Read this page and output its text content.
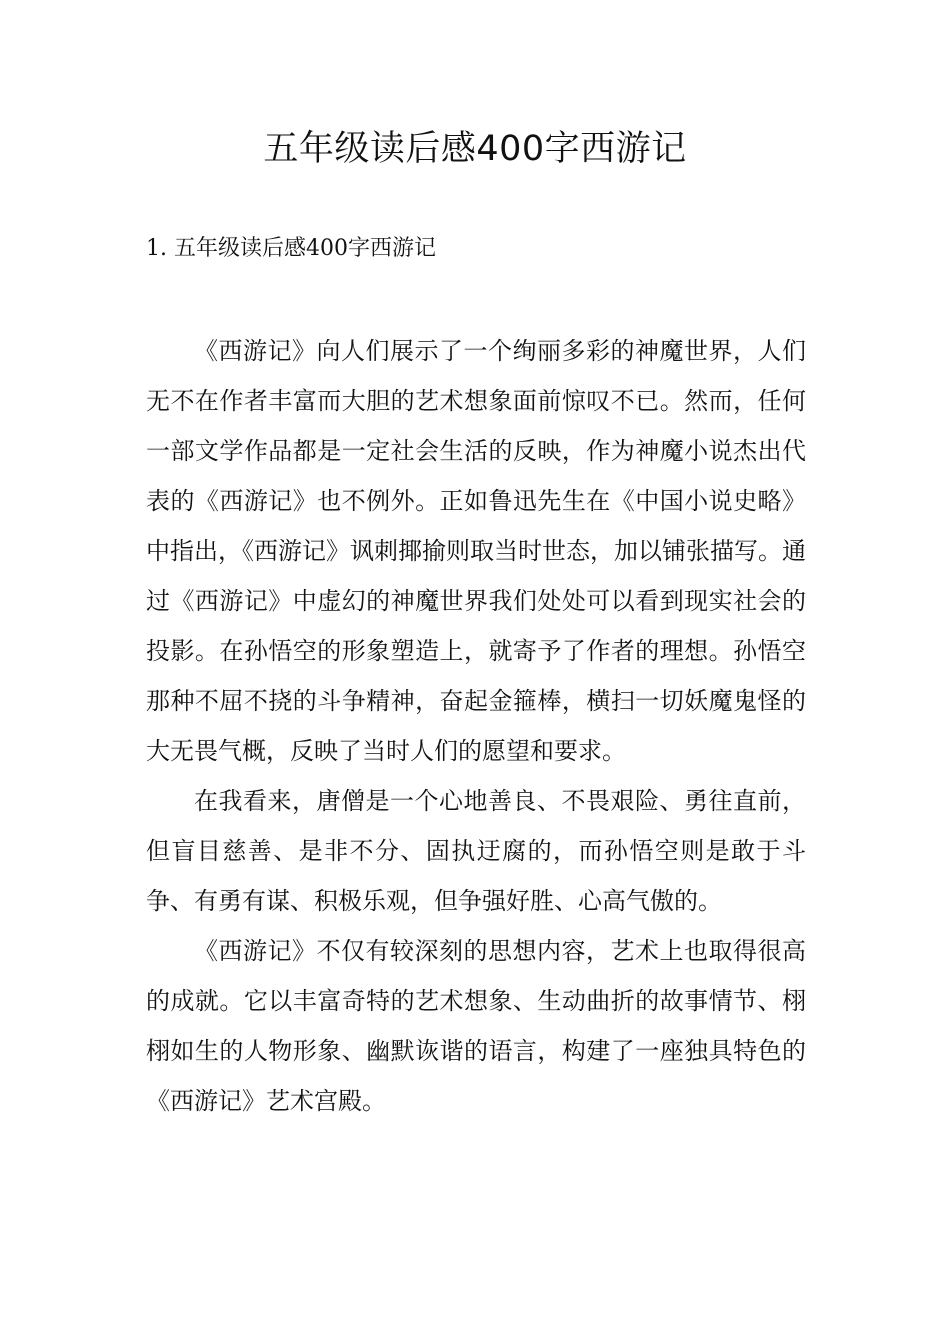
五年级读后感400字西游记
1. 五年级读后感400字西游记

《西游记》向人们展示了一个绚丽多彩的神魔世界，人们无不在作者丰富而大胆的艺术想象面前惊叹不已。然而，任何一部文学作品都是一定社会生活的反映，作为神魔小说杰出代表的《西游记》也不例外。正如鲁迅先生在《中国小说史略》中指出，《西游记》讽刺揶揄则取当时世态，加以铺张描写。通过《西游记》中虚幻的神魔世界我们处处可以看到现实社会的投影。在孙悟空的形象塑造上，就寄予了作者的理想。孙悟空那种不屈不挠的斗争精神，奋起金箍棒，横扫一切妖魔鬼怪的大无畏气概，反映了当时人们的愿望和要求。

在我看来，唐僧是一个心地善良、不畏艰险、勇往直前，但盲目慈善、是非不分、固执迂腐的，而孙悟空则是敢于斗争、有勇有谋、积极乐观，但争强好胜、心高气傲的。

《西游记》不仅有较深刻的思想内容，艺术上也取得很高的成就。它以丰富奇特的艺术想象、生动曲折的故事情节、栩栩如生的人物形象、幽默诙谐的语言，构建了一座独具特色的《西游记》艺术宫殿。
